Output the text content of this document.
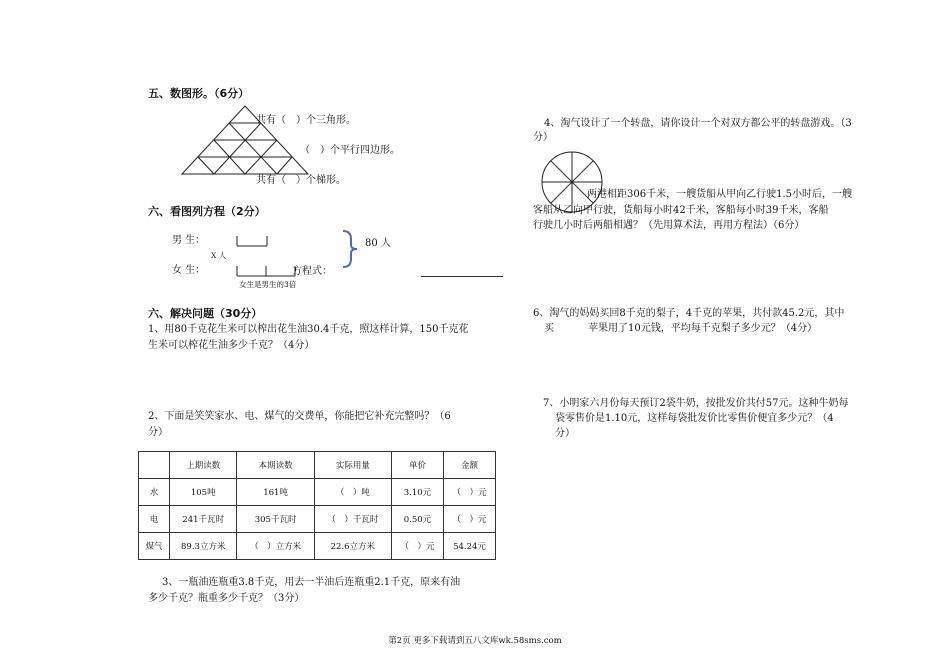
五、数图形。（6分）
共有（　）个三角形。
（　）个平行四边形。
共有（　）个梯形。
六、看图列方程（2分）
男 生：
X 人
80 人
女 生：	方程式：
女生是男生的3倍
六、解决问题（30分）
1、用80千克花生米可以榨出花生油30.4千克，照这样计算，150千克花
生米可以榨花生油多少千克？（4分）
2、下面是笑笑家水、电、煤气的交费单，你能把它补充完整吗？（6
分）
	上期读数	本期读数	实际用量	单价	金额
水	105吨	161吨	（　）吨	3.10元	（　）元
电	241千瓦时	305千瓦时	（　）千瓦时	0.50元	（　）元
煤气	89.3立方米	（　）立方米	22.6立方米	（　）元	54.24元
3、一瓶油连瓶重3.8千克，用去一半油后连瓶重2.1千克，原来有油
多少千克？瓶重多少千克？（3分）
4、淘气设计了一个转盘，请你设计一个对双方都公平的转盘游戏。（3
分）
两港相距306千米，一艘货船从甲向乙行驶1.5小时后，一艘
客船从乙向甲行驶，货船每小时42千米，客船每小时39千米，客船
行驶几小时后两船相遇？（先用算术法，再用方程法）（6分）
6、淘气的妈妈买回8千克的梨子，4千克的苹果，共付款45.2元，其中
买	苹果用了10元钱，平均每千克梨子多少元？（4分）
7、小明家六月份每天预订2袋牛奶，按批发价共付57元。这种牛奶每
袋零售价是1.10元，这样每袋批发价比零售价便宜多少元？（4
分）
第2页 更多下载请到五八文库wk.58sms.com
